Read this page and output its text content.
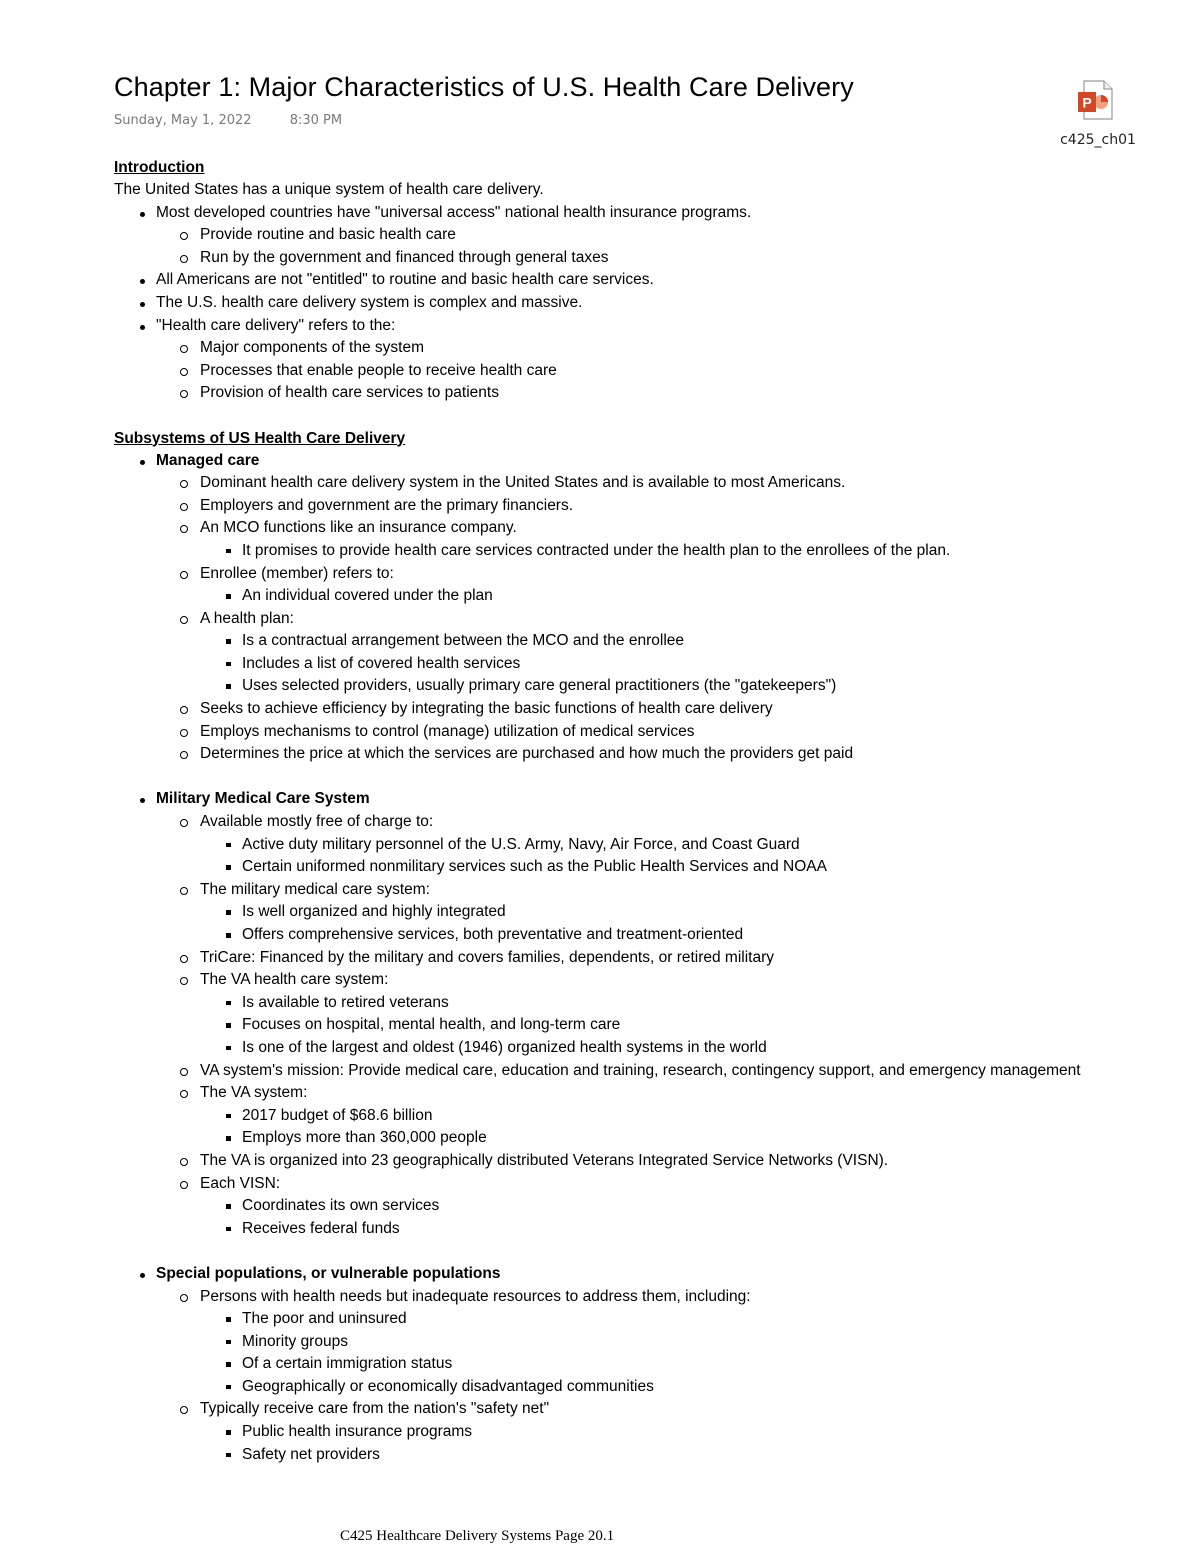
Chapter 1: Major Characteristics of U.S. Health Care Delivery
Sunday, May 1, 2022	8:30 PM
P
c425_ch01
Introduction
The United States has a unique system of health care delivery.
Most developed countries have "universal access" national health insurance programs.
Provide routine and basic health care
Run by the government and financed through general taxes
All Americans are not "entitled" to routine and basic health care services.
The U.S. health care delivery system is complex and massive.
"Health care delivery" refers to the:
Major components of the system
Processes that enable people to receive health care
Provision of health care services to patients
Subsystems of US Health Care Delivery
Managed care
Dominant health care delivery system in the United States and is available to most Americans.
Employers and government are the primary financiers.
An MCO functions like an insurance company.
It promises to provide health care services contracted under the health plan to the enrollees of the plan.
Enrollee (member) refers to:
An individual covered under the plan
A health plan:
Is a contractual arrangement between the MCO and the enrollee
Includes a list of covered health services
Uses selected providers, usually primary care general practitioners (the "gatekeepers")
Seeks to achieve efficiency by integrating the basic functions of health care delivery
Employs mechanisms to control (manage) utilization of medical services
Determines the price at which the services are purchased and how much the providers get paid
Military Medical Care System
Available mostly free of charge to:
Active duty military personnel of the U.S. Army, Navy, Air Force, and Coast Guard
Certain uniformed nonmilitary services such as the Public Health Services and NOAA
The military medical care system:
Is well organized and highly integrated
Offers comprehensive services, both preventative and treatment-oriented
TriCare: Financed by the military and covers families, dependents, or retired military
The VA health care system:
Is available to retired veterans
Focuses on hospital, mental health, and long-term care
Is one of the largest and oldest (1946) organized health systems in the world
VA system's mission: Provide medical care, education and training, research, contingency support, and emergency management
The VA system:
2017 budget of $68.6 billion
Employs more than 360,000 people
The VA is organized into 23 geographically distributed Veterans Integrated Service Networks (VISN).
Each VISN:
Coordinates its own services
Receives federal funds
Special populations, or vulnerable populations
Persons with health needs but inadequate resources to address them, including:
The poor and uninsured
Minority groups
Of a certain immigration status
Geographically or economically disadvantaged communities
Typically receive care from the nation's "safety net"
Public health insurance programs
Safety net providers
C425 Healthcare Delivery Systems Page 20.1
